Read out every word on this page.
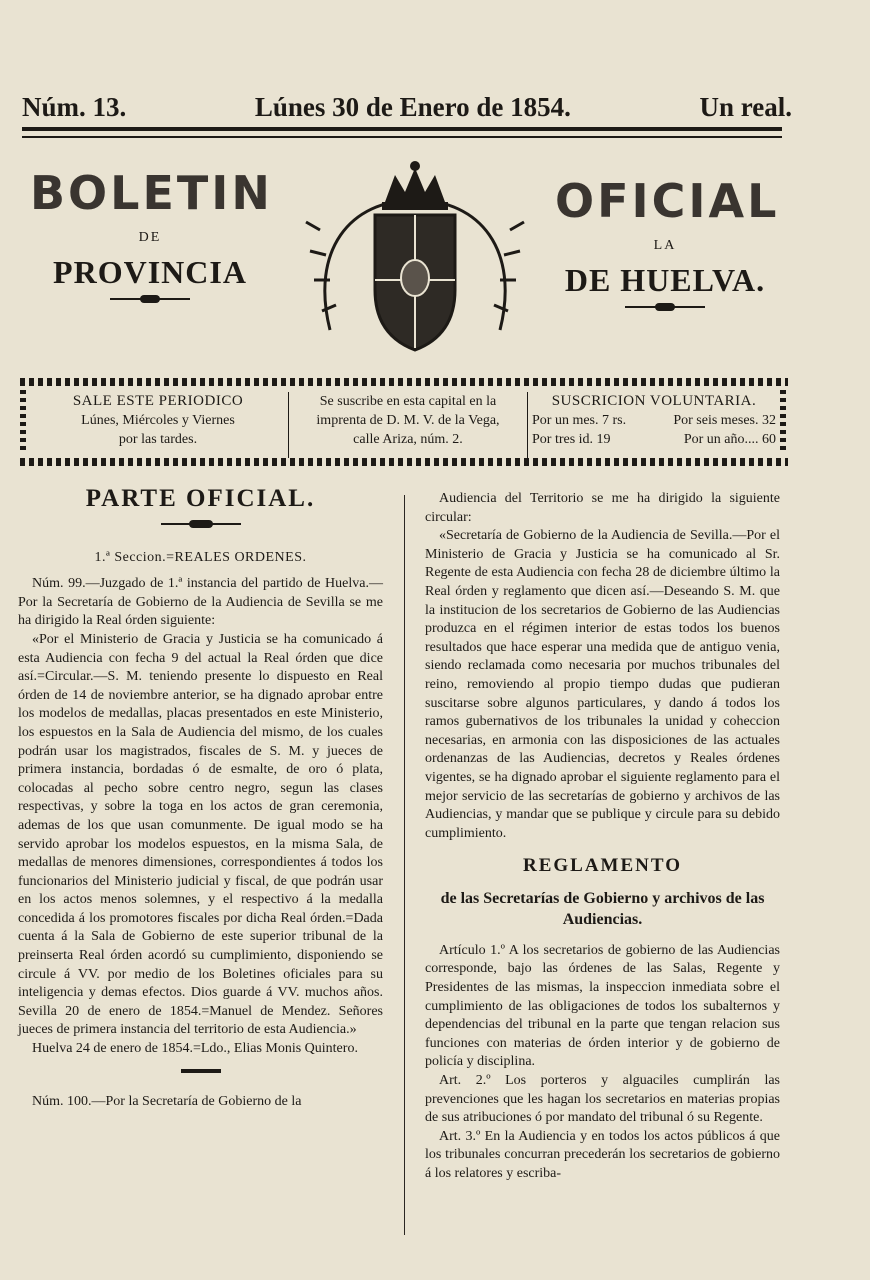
Núm. 13.	Lúnes 30 de Enero de 1854.	Un real.
BOLETIN
DE
PROVINCIA
OFICIAL
LA
DE HUELVA.
SALE ESTE PERIODICO
Lúnes, Miércoles y Viernes
por las tardes.
Se suscribe en esta capital en la
imprenta de D. M. V. de la Vega,
calle Ariza, núm. 2.
SUSCRICION VOLUNTARIA.
Por un mes. 7 rs.	Por seis meses. 32
Por tres id. 19	Por un año.... 60
PARTE OFICIAL.
1.ª Seccion.=REALES ORDENES.

Núm. 99.—Juzgado de 1.ª instancia del partido de Huelva.—Por la Secretaría de Gobierno de la Audiencia de Sevilla se me ha dirigido la Real órden siguiente:

«Por el Ministerio de Gracia y Justicia se ha comunicado á esta Audiencia con fecha 9 del actual la Real órden que dice así.=Circular.—S. M. teniendo presente lo dispuesto en Real órden de 14 de noviembre anterior, se ha dignado aprobar entre los modelos de medallas, placas presentados en este Ministerio, los espuestos en la Sala de Audiencia del mismo, de los cuales podrán usar los magistrados, fiscales de S. M. y jueces de primera instancia, bordadas ó de esmalte, de oro ó plata, colocadas al pecho sobre centro negro, segun las clases respectivas, y sobre la toga en los actos de gran ceremonia, ademas de los que usan comunmente. De igual modo se ha servido aprobar los modelos espuestos, en la misma Sala, de medallas de menores dimensiones, correspondientes á todos los funcionarios del Ministerio judicial y fiscal, de que podrán usar en los actos menos solemnes, y el respectivo á la medalla concedida á los promotores fiscales por dicha Real órden.=Dada cuenta á la Sala de Gobierno de este superior tribunal de la preinserta Real órden acordó su cumplimiento, disponiendo se circule á VV. por medio de los Boletines oficiales para su inteligencia y demas efectos. Dios guarde á VV. muchos años. Sevilla 20 de enero de 1854.=Manuel de Mendez. Señores jueces de primera instancia del territorio de esta Audiencia.»

Huelva 24 de enero de 1854.=Ldo., Elias Monis Quintero.

Núm. 100.—Por la Secretaría de Gobierno de la

Audiencia del Territorio se me ha dirigido la siguiente circular:

«Secretaría de Gobierno de la Audiencia de Sevilla.—Por el Ministerio de Gracia y Justicia se ha comunicado al Sr. Regente de esta Audiencia con fecha 28 de diciembre último la Real órden y reglamento que dicen así.—Deseando S. M. que la institucion de los secretarios de Gobierno de las Audiencias produzca en el régimen interior de estas todos los buenos resultados que hace esperar una medida que de antiguo venia, siendo reclamada como necesaria por muchos tribunales del reino, removiendo al propio tiempo dudas que pudieran suscitarse sobre algunos particulares, y dando á todos los ramos gubernativos de los tribunales la unidad y coheccion necesarias, en armonia con las disposiciones de las actuales ordenanzas de las Audiencias, decretos y Reales órdenes vigentes, se ha dignado aprobar el siguiente reglamento para el mejor servicio de las secretarías de gobierno y archivos de las Audiencias, y mandar que se publique y circule para su debido cumplimiento.

REGLAMENTO
de las Secretarías de Gobierno y archivos de las Audiencias.

Artículo 1.º A los secretarios de gobierno de las Audiencias corresponde, bajo las órdenes de las Salas, Regente y Presidentes de las mismas, la inspeccion inmediata sobre el cumplimiento de las obligaciones de todos los subalternos y dependencias del tribunal en la parte que tengan relacion sus funciones con materias de órden interior y de gobierno de policía y disciplina.

Art. 2.º Los porteros y alguaciles cumplirán las prevenciones que les hagan los secretarios en materias propias de sus atribuciones ó por mandato del tribunal ó su Regente.

Art. 3.º En la Audiencia y en todos los actos públicos á que los tribunales concurran precederán los secretarios de gobierno á los relatores y escriba-
